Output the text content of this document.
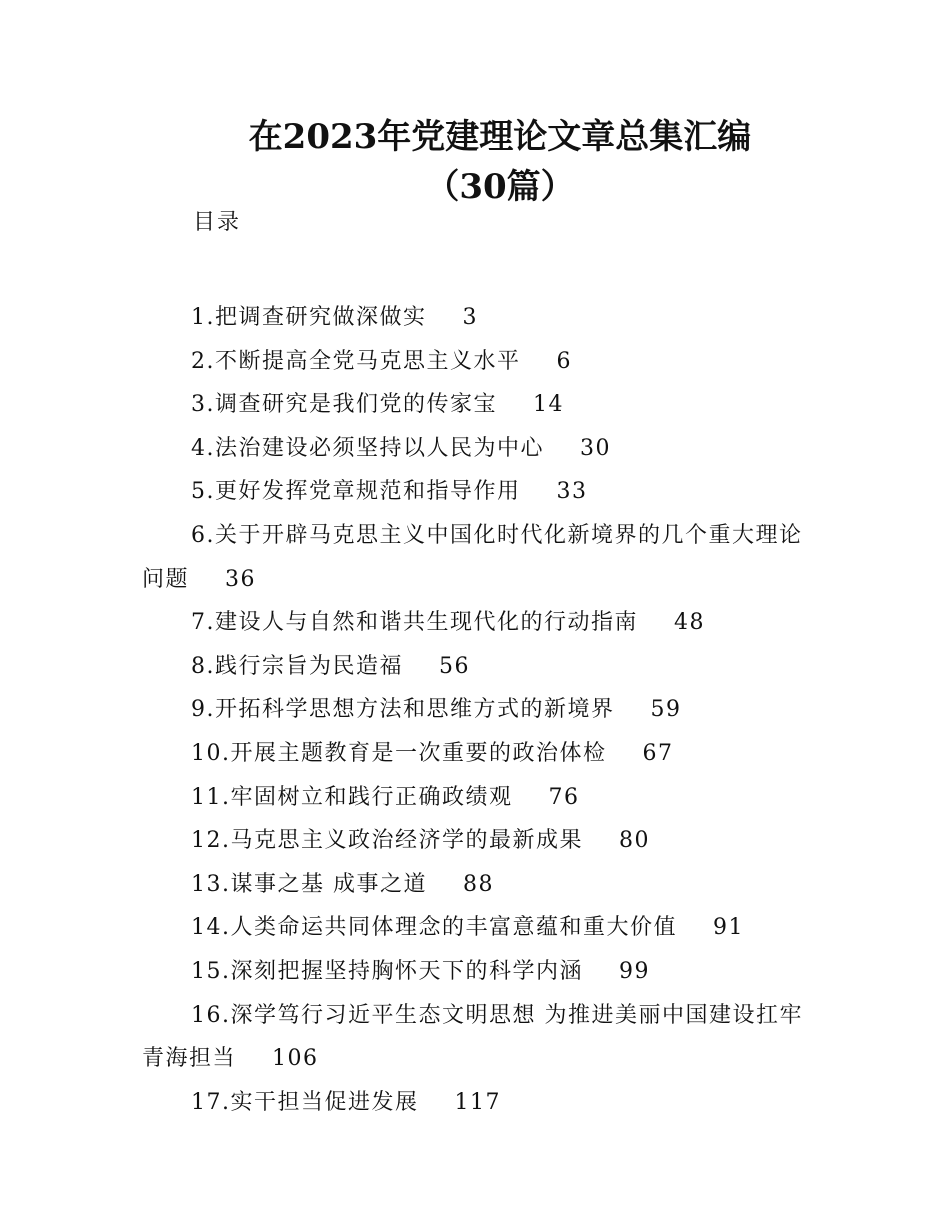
在2023年党建理论文章总集汇编（30篇）
目录
1.把调查研究做深做实 3
2.不断提高全党马克思主义水平 6
3.调查研究是我们党的传家宝 14
4.法治建设必须坚持以人民为中心 30
5.更好发挥党章规范和指导作用 33
6.关于开辟马克思主义中国化时代化新境界的几个重大理论问题 36
7.建设人与自然和谐共生现代化的行动指南 48
8.践行宗旨为民造福 56
9.开拓科学思想方法和思维方式的新境界 59
10.开展主题教育是一次重要的政治体检 67
11.牢固树立和践行正确政绩观 76
12.马克思主义政治经济学的最新成果 80
13.谋事之基 成事之道 88
14.人类命运共同体理念的丰富意蕴和重大价值 91
15.深刻把握坚持胸怀天下的科学内涵 99
16.深学笃行习近平生态文明思想 为推进美丽中国建设扛牢青海担当 106
17.实干担当促进发展 117
